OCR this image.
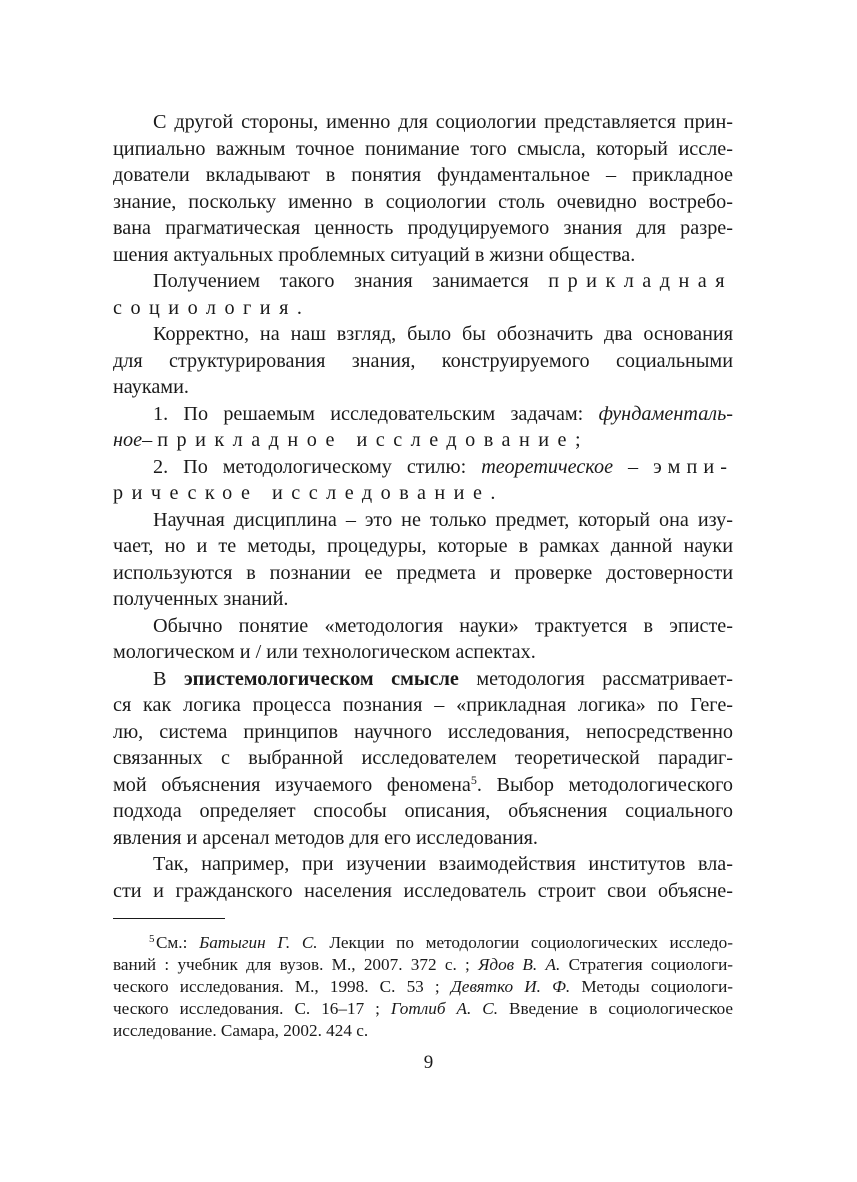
С другой стороны, именно для социологии представляется прин-
ципиально важным точное понимание того смысла, который иссле-
дователи вкладывают в понятия фундаментальное – прикладное
знание, поскольку именно в социологии столь очевидно востребо-
вана прагматическая ценность продуцируемого знания для разре-
шения актуальных проблемных ситуаций в жизни общества.
Получением такого знания занимается прикладная
социология.
Корректно, на наш взгляд, было бы обозначить два основания
для структурирования знания, конструируемого социальными
науками.
1. По решаемым исследовательским задачам: фундаменталь-
ное– прикладное исследование;
2. По методологическому стилю: теоретическое – эмпи-
рическое исследование.
Научная дисциплина – это не только предмет, который она изу-
чает, но и те методы, процедуры, которые в рамках данной науки
используются в познании ее предмета и проверке достоверности
полученных знаний.
Обычно понятие «методология науки» трактуется в эписте-
мологическом и / или технологическом аспектах.
В эпистемологическом смысле методология рассматривает-
ся как логика процесса познания – «прикладная логика» по Геге-
лю, система принципов научного исследования, непосредственно
связанных с выбранной исследователем теоретической парадиг-
мой объяснения изучаемого феномена$^5$. Выбор методологического
подхода определяет способы описания, объяснения социального
явления и арсенал методов для его исследования.
Так, например, при изучении взаимодействия институтов вла-
сти и гражданского населения исследователь строит свои объясне-
$^5$ См.: Батыгин Г. С. Лекции по методологии социологических исследо-
ваний : учебник для вузов. М., 2007. 372 с. ; Ядов В. А. Стратегия социологи-
ческого исследования. М., 1998. С. 53 ; Девятко И. Ф. Методы социологи-
ческого исследования. С. 16–17 ; Готлиб А. С. Введение в социологическое
исследование. Самара, 2002. 424 с.
9
